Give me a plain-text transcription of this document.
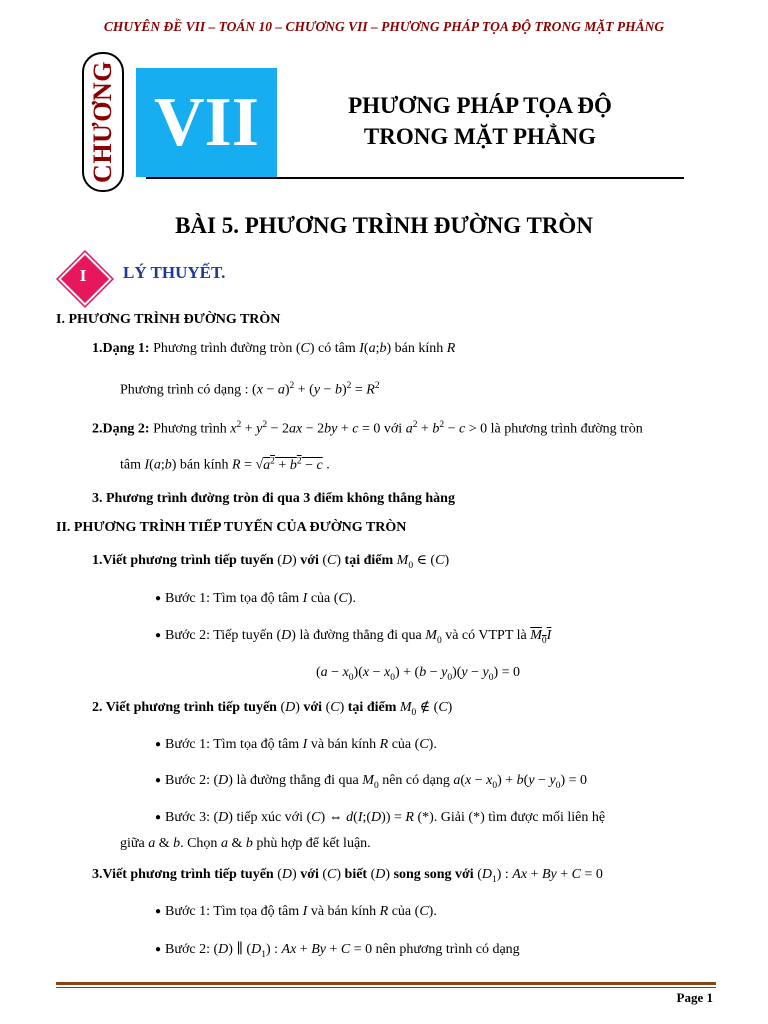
CHUYÊN ĐỀ VII – TOÁN 10 – CHƯƠNG VII – PHƯƠNG PHÁP TỌA ĐỘ TRONG MẶT PHẲNG
CHƯƠNG VII	PHƯƠNG PHÁP TỌA ĐỘ
TRONG MẶT PHẲNG
BÀI 5. PHƯƠNG TRÌNH ĐƯỜNG TRÒN
I	LÝ THUYẾT.
I. PHƯƠNG TRÌNH ĐƯỜNG TRÒN
1.Dạng 1: Phương trình đường tròn (C) có tâm I(a;b) bán kính R
Phương trình có dạng : $(x - a)^2 + (y - b)^2 = R^2$
2.Dạng 2: Phương trình $x^2 + y^2 - 2ax - 2by + c = 0$ với $a^2 + b^2 - c > 0$ là phương trình đường tròn
tâm I(a;b) bán kính $R = √a^2 + b^2 - c$ .
3. Phương trình đường tròn đi qua 3 điểm không thẳng hàng
II. PHƯƠNG TRÌNH TIẾP TUYẾN CỦA ĐƯỜNG TRÒN
1.Viết phương trình tiếp tuyến (D) với (C) tại điểm $M_0$ ∈ (C)
● Bước 1: Tìm tọa độ tâm I của (C).
● Bước 2: Tiếp tuyến (D) là đường thẳng đi qua $M_0$ và có VTPT là $M_0I$
$(a - x_0)(x - x_0) + (b - y_0)(y - y_0) = 0$
2. Viết phương trình tiếp tuyến (D) với (C) tại điểm $M_0$ ∉ (C)
● Bước 1: Tìm tọa độ tâm I và bán kính R của (C).
● Bước 2: (D) là đường thẳng đi qua $M_0$ nên có dạng $a(x - x_0) + b(y - y_0) = 0$
● Bước 3: (D) tiếp xúc với (C) ⇔ d(I;(D)) = R (*). Giải (*) tìm được mối liên hệ
giữa a & b. Chọn a & b phù hợp để kết luận.
3.Viết phương trình tiếp tuyến (D) với (C) biết (D) song song với $(D_1)$ : Ax + By + C = 0
● Bước 1: Tìm tọa độ tâm I và bán kính R của (C).
● Bước 2: (D) ∥ $(D_1)$ : Ax + By + C = 0 nên phương trình có dạng
Page 1
